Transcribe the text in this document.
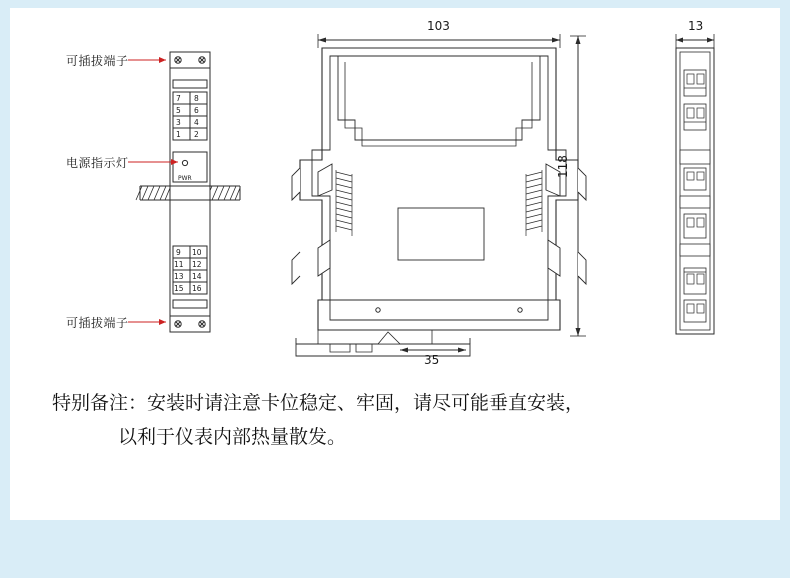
可插拔端子
电源指示灯
可插拔端子
PWR
7 8
5 6
3 4
1 2
9 10
11 12
13 14
15 16
103
118
35
13
特别备注：安装时请注意卡位稳定、牢固，请尽可能垂直安装，
以利于仪表内部热量散发。
